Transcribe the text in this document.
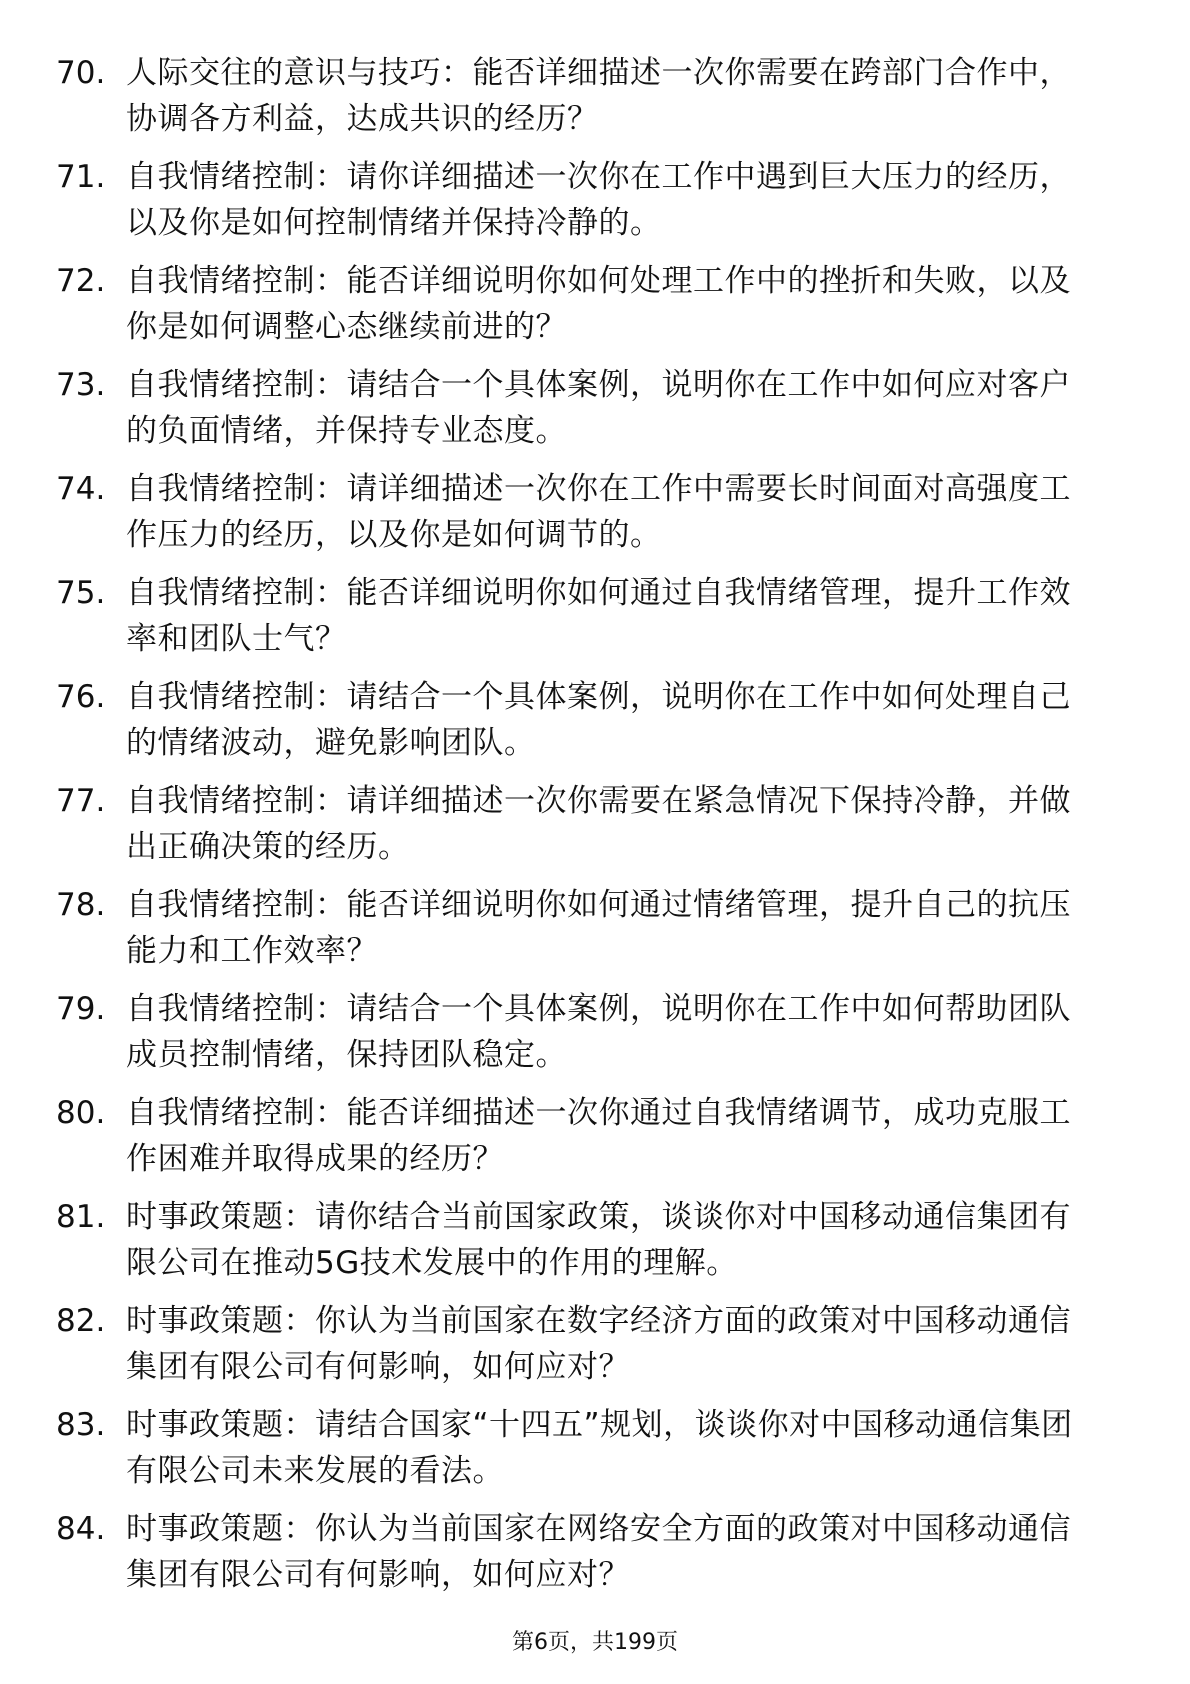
70. 人际交往的意识与技巧：能否详细描述一次你需要在跨部门合作中，协调各方利益，达成共识的经历？
71. 自我情绪控制：请你详细描述一次你在工作中遇到巨大压力的经历，以及你是如何控制情绪并保持冷静的。
72. 自我情绪控制：能否详细说明你如何处理工作中的挫折和失败，以及你是如何调整心态继续前进的？
73. 自我情绪控制：请结合一个具体案例，说明你在工作中如何应对客户的负面情绪，并保持专业态度。
74. 自我情绪控制：请详细描述一次你在工作中需要长时间面对高强度工作压力的经历，以及你是如何调节的。
75. 自我情绪控制：能否详细说明你如何通过自我情绪管理，提升工作效率和团队士气？
76. 自我情绪控制：请结合一个具体案例，说明你在工作中如何处理自己的情绪波动，避免影响团队。
77. 自我情绪控制：请详细描述一次你需要在紧急情况下保持冷静，并做出正确决策的经历。
78. 自我情绪控制：能否详细说明你如何通过情绪管理，提升自己的抗压能力和工作效率？
79. 自我情绪控制：请结合一个具体案例，说明你在工作中如何帮助团队成员控制情绪，保持团队稳定。
80. 自我情绪控制：能否详细描述一次你通过自我情绪调节，成功克服工作困难并取得成果的经历？
81. 时事政策题：请你结合当前国家政策，谈谈你对中国移动通信集团有限公司在推动5G技术发展中的作用的理解。
82. 时事政策题：你认为当前国家在数字经济方面的政策对中国移动通信集团有限公司有何影响，如何应对？
83. 时事政策题：请结合国家“十四五”规划，谈谈你对中国移动通信集团有限公司未来发展的看法。
84. 时事政策题：你认为当前国家在网络安全方面的政策对中国移动通信集团有限公司有何影响，如何应对？
第6页，共199页
